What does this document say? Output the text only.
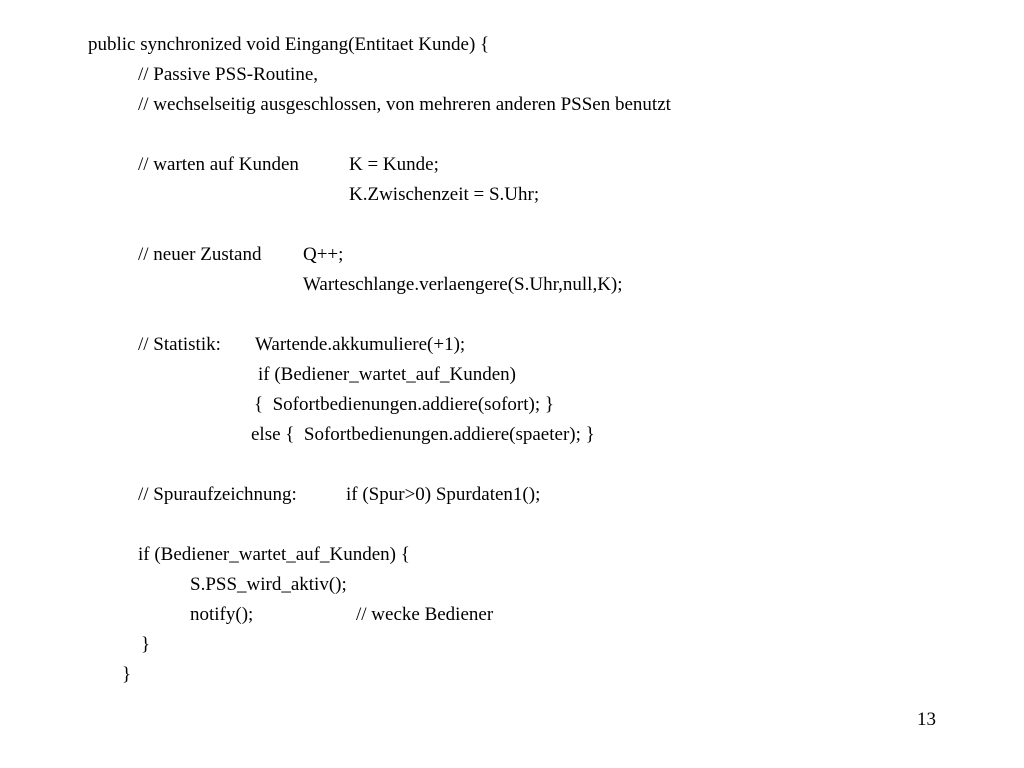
public synchronized void Eingang(Entitaet Kunde) {
// Passive PSS-Routine,
// wechselseitig ausgeschlossen, von mehreren anderen PSSen benutzt
// warten auf Kunden	K = Kunde;
K.Zwischenzeit = S.Uhr;
// neuer Zustand Q++;
Warteschlange.verlaengere(S.Uhr,null,K);
// Statistik: Wartende.akkumuliere(+1);
if (Bediener_wartet_auf_Kunden)
{  Sofortbedienungen.addiere(sofort); }
else {  Sofortbedienungen.addiere(spaeter); }
// Spuraufzeichnung:	if (Spur>0) Spurdaten1();
if (Bediener_wartet_auf_Kunden) {
S.PSS_wird_aktiv();
notify();	// wecke Bediener
}
}
13
